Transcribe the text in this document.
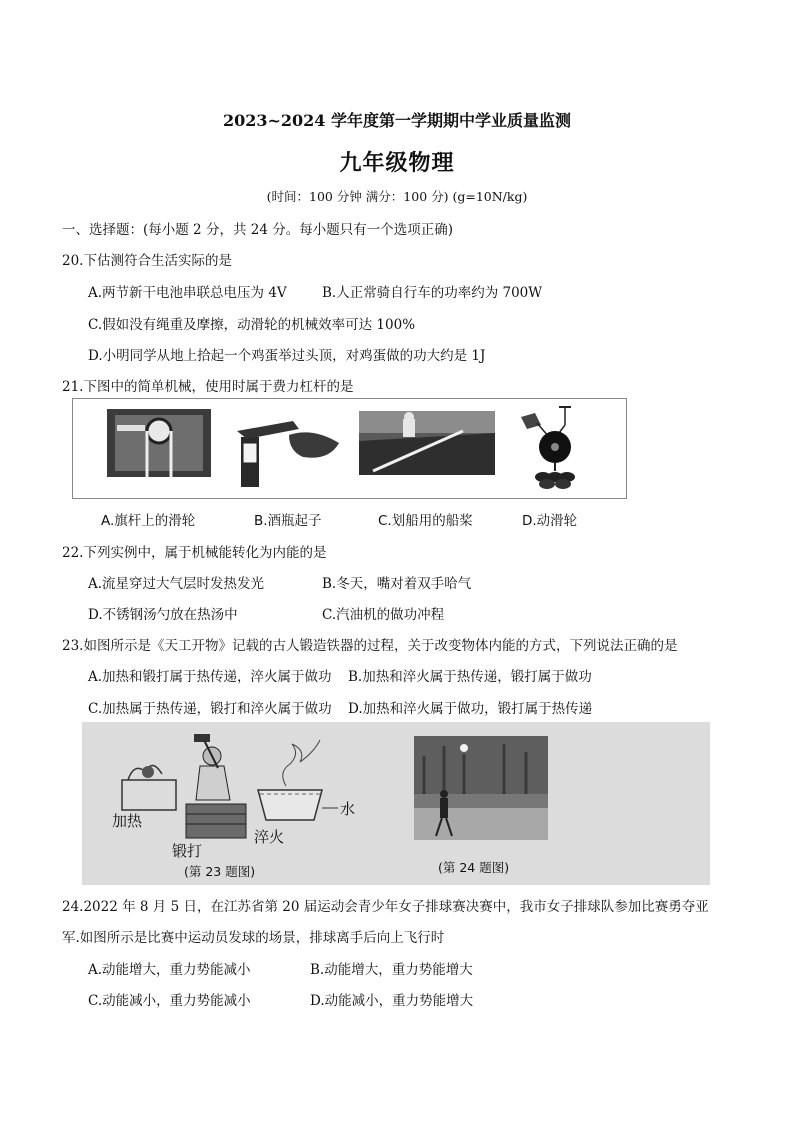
2023~2024 学年度第一学期期中学业质量监测
九年级物理
(时间：100 分钟 满分：100 分) (g=10N/kg)
一、选择题：(每小题 2 分，共 24 分。每小题只有一个选项正确)
20.下估测符合生活实际的是
A.两节新干电池串联总电压为 4V	B.人正常骑自行车的功率约为 700W
C.假如没有绳重及摩擦，动滑轮的机械效率可达 100%
D.小明同学从地上拾起一个鸡蛋举过头顶，对鸡蛋做的功大约是 1J
21.下图中的简单机械，使用时属于费力杠杆的是
A.旗杆上的滑轮	B.酒瓶起子	C.划船用的船桨	D.动滑轮
22.下列实例中，属于机械能转化为内能的是
A.流星穿过大气层时发热发光	B.冬天，嘴对着双手哈气
D.不锈钢汤勺放在热汤中	C.汽油机的做功冲程
23.如图所示是《天工开物》记载的古人锻造铁器的过程，关于改变物体内能的方式，下列说法正确的是
A.加热和锻打属于热传递，淬火属于做功 B.加热和淬火属于热传递，锻打属于做功
C.加热属于热传递，锻打和淬火属于做功 D.加热和淬火属于做功，锻打属于热传递
加热
锻打
淬火
水
(第 23 题图)	(第 24 题图)
24.2022 年 8 月 5 日，在江苏省第 20 届运动会青少年女子排球赛决赛中，我市女子排球队参加比赛勇夺亚
军.如图所示是比赛中运动员发球的场景，排球离手后向上飞行时
A.动能增大，重力势能减小	B.动能增大，重力势能增大
C.动能减小，重力势能减小	D.动能减小，重力势能增大
